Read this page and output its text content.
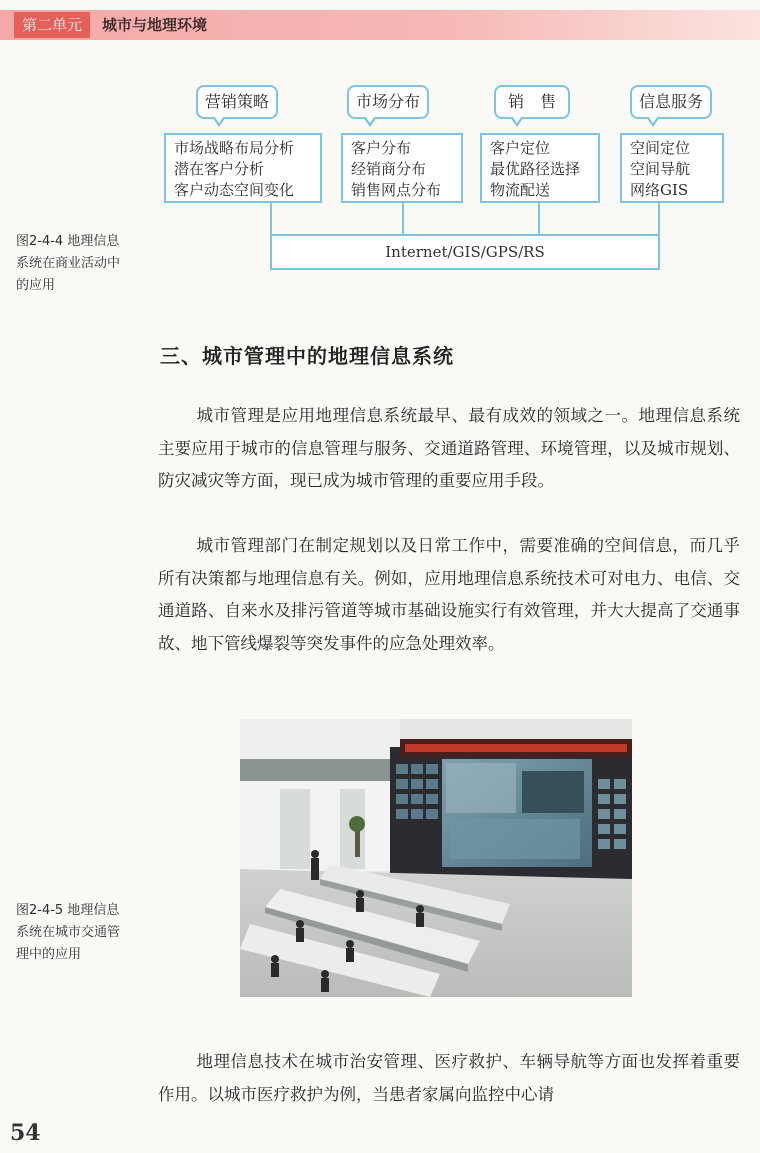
第二单元	城市与地理环境
营销策略	市场分布	销　售	信息服务
市场战略布局分析
潜在客户分析
客户动态空间变化
客户分布
经销商分布
销售网点分布
客户定位
最优路径选择
物流配送
空间定位
空间导航
网络GIS
Internet/GIS/GPS/RS
图2-4-4 地理信息
系统在商业活动中
的应用
三、城市管理中的地理信息系统
城市管理是应用地理信息系统最早、最有成效的领域之一。地理信息系统主要应用于城市的信息管理与服务、交通道路管理、环境管理，以及城市规划、防灾减灾等方面，现已成为城市管理的重要应用手段。
城市管理部门在制定规划以及日常工作中，需要准确的空间信息，而几乎所有决策都与地理信息有关。例如，应用地理信息系统技术可对电力、电信、交通道路、自来水及排污管道等城市基础设施实行有效管理，并大大提高了交通事故、地下管线爆裂等突发事件的应急处理效率。
图2-4-5 地理信息
系统在城市交通管
理中的应用
地理信息技术在城市治安管理、医疗救护、车辆导航等方面也发挥着重要作用。以城市医疗救护为例，当患者家属向监控中心请
54
